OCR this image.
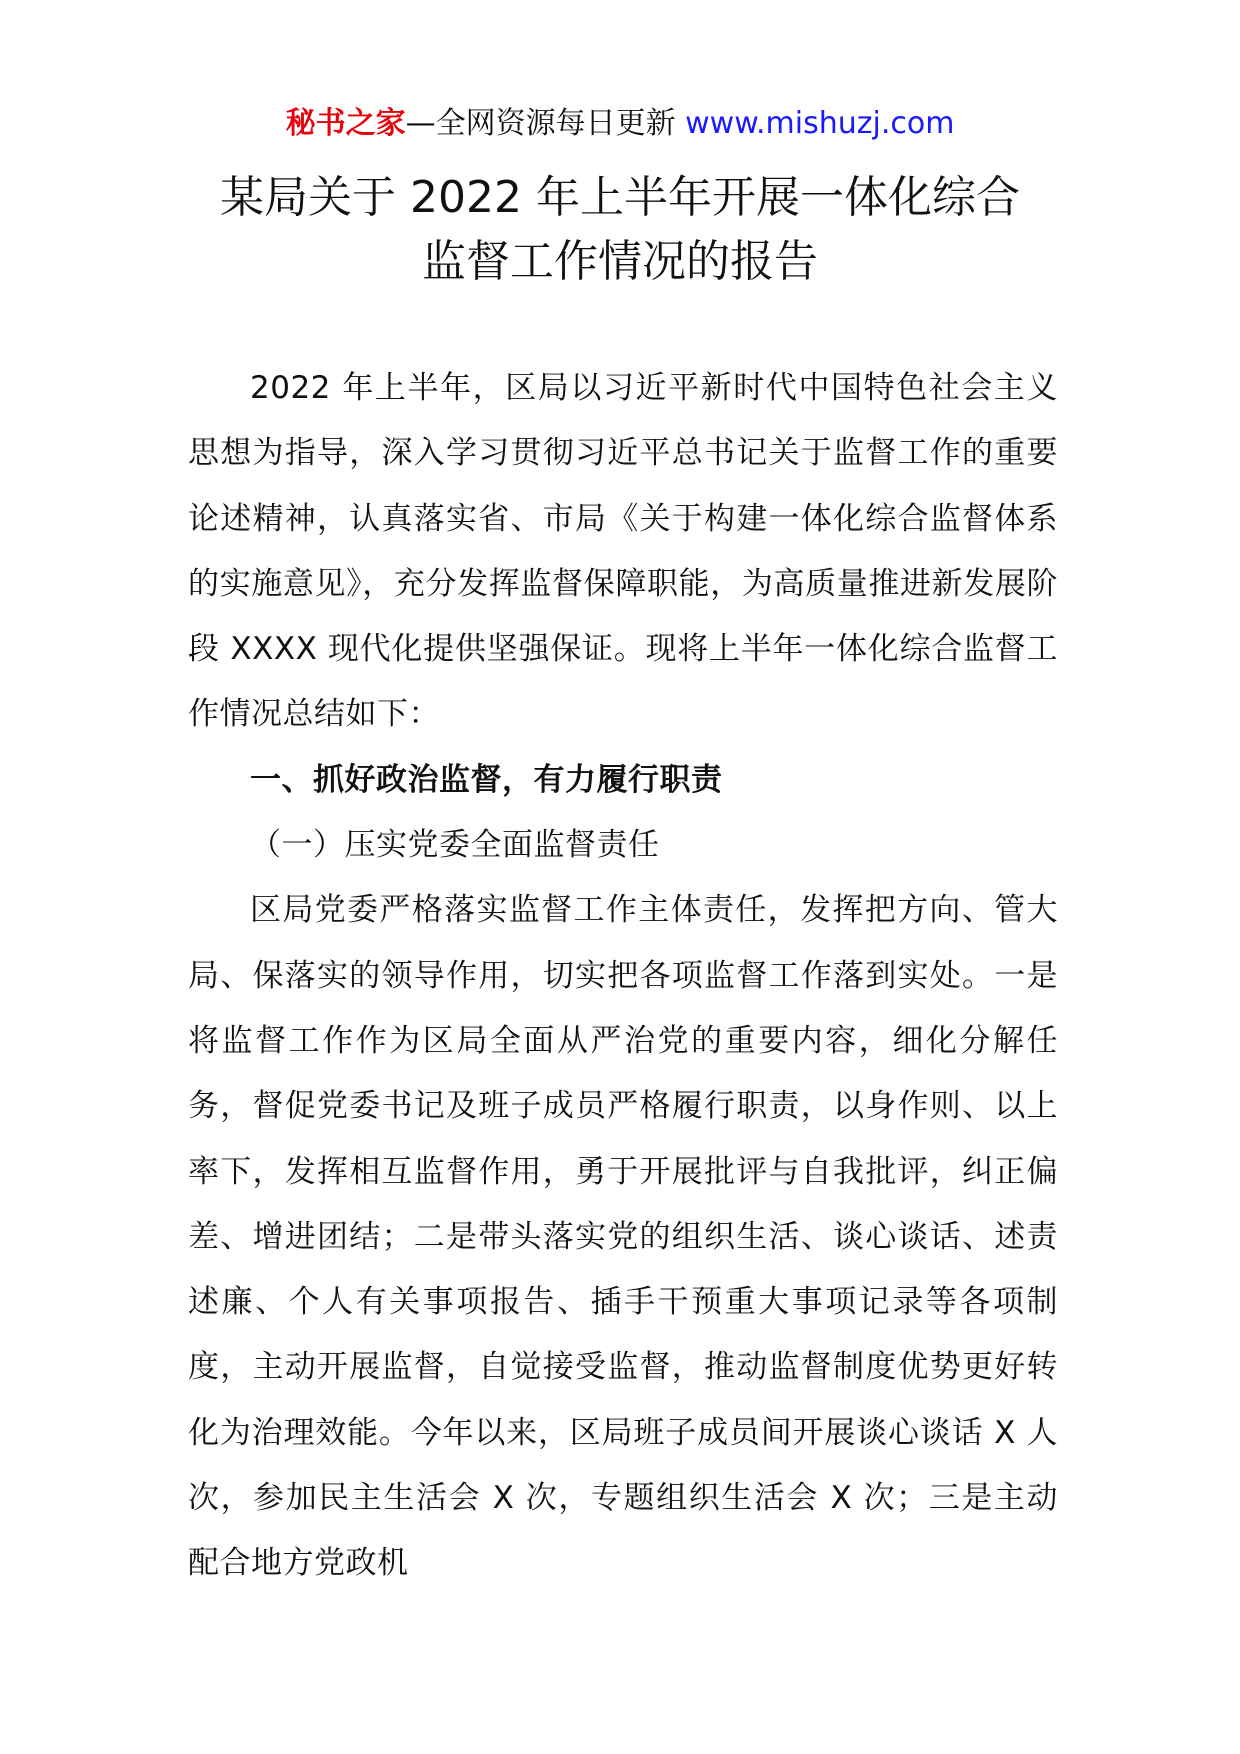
秘书之家—全网资源每日更新 www.mishuzj.com
某局关于 2022 年上半年开展一体化综合
监督工作情况的报告

2022 年上半年，区局以习近平新时代中国特色社会主义思想为指导，深入学习贯彻习近平总书记关于监督工作的重要论述精神，认真落实省、市局《关于构建一体化综合监督体系的实施意见》，充分发挥监督保障职能，为高质量推进新发展阶段 XXXX 现代化提供坚强保证。现将上半年一体化综合监督工作情况总结如下：

一、抓好政治监督，有力履行职责

（一）压实党委全面监督责任

区局党委严格落实监督工作主体责任，发挥把方向、管大局、保落实的领导作用，切实把各项监督工作落到实处。一是将监督工作作为区局全面从严治党的重要内容，细化分解任务，督促党委书记及班子成员严格履行职责，以身作则、以上率下，发挥相互监督作用，勇于开展批评与自我批评，纠正偏差、增进团结；二是带头落实党的组织生活、谈心谈话、述责述廉、个人有关事项报告、插手干预重大事项记录等各项制度，主动开展监督，自觉接受监督，推动监督制度优势更好转化为治理效能。今年以来，区局班子成员间开展谈心谈话 X 人次，参加民主生活会 X 次，专题组织生活会 X 次；三是主动配合地方党政机
